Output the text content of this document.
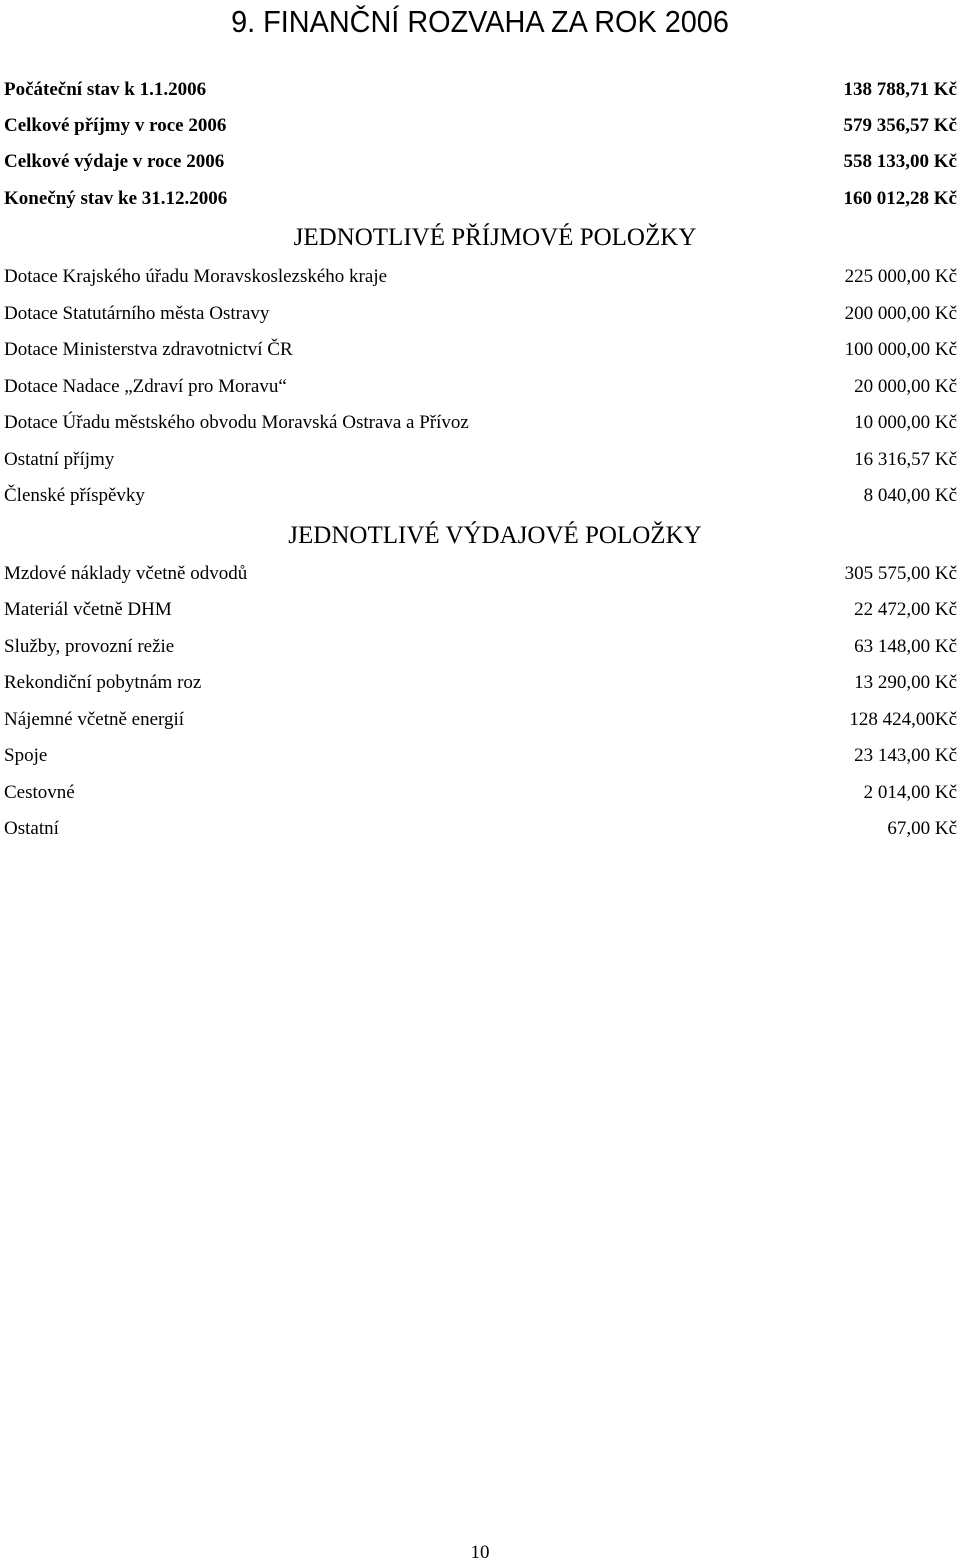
9. FINANČNÍ ROZVAHA ZA ROK 2006
Počáteční stav k 1.1.2006	138 788,71 Kč
Celkové příjmy v roce 2006	579 356,57 Kč
Celkové výdaje v roce 2006	558 133,00 Kč
Konečný stav ke 31.12.2006	160 012,28 Kč
JEDNOTLIVÉ PŘÍJMOVÉ POLOŽKY
Dotace Krajského úřadu Moravskoslezského kraje	225 000,00 Kč
Dotace Statutárního města Ostravy	200 000,00 Kč
Dotace Ministerstva zdravotnictví ČR	100 000,00 Kč
Dotace Nadace „Zdraví pro Moravu“	20 000,00 Kč
Dotace Úřadu městského obvodu Moravská Ostrava a Přívoz	10 000,00 Kč
Ostatní příjmy	16 316,57 Kč
Členské příspěvky	8 040,00 Kč
JEDNOTLIVÉ VÝDAJOVÉ POLOŽKY
Mzdové náklady včetně odvodů	305 575,00 Kč
Materiál včetně DHM	22 472,00 Kč
Služby, provozní režie	63 148,00 Kč
Rekondiční pobytnám roz	13 290,00 Kč
Nájemné včetně energií	128 424,00Kč
Spoje	23 143,00 Kč
Cestovné	2 014,00 Kč
Ostatní	67,00 Kč
10
